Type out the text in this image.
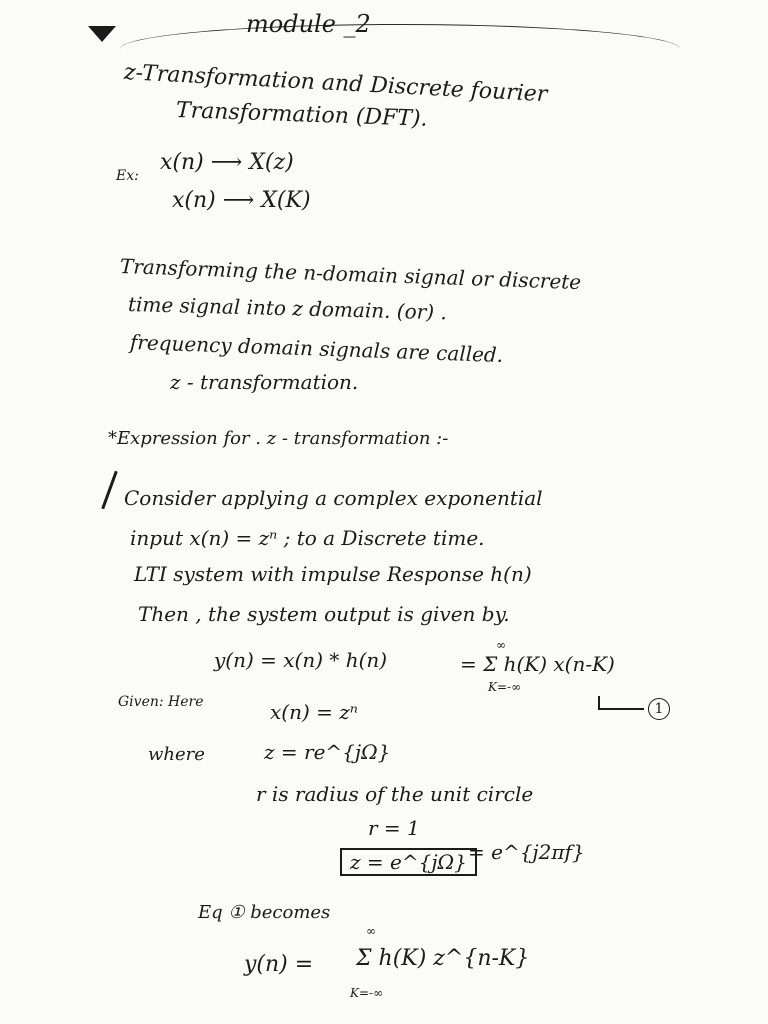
module _2
z-Transformation and Discrete fourier
Transformation (DFT).
Ex:
x(n) ⟶ X(z)
x(n) ⟶ X(K)
Transforming the n-domain signal or discrete
time signal into z domain. (or) .
frequency domain signals are called.
z - transformation.
*Expression for . z - transformation :-
Consider applying a complex exponential
input x(n) = zⁿ ; to a Discrete time.
LTI system with impulse Response h(n)
Then , the system output is given by.
y(n) = x(n) * h(n)
∞
= Σ h(K) x(n-K)
K=-∞
1
Given: Here	x(n) = zⁿ
where	z = re^{jΩ}
r is radius of the unit circle
r = 1
z = e^{jΩ} = e^{j2πf}
Eq ① becomes
y(n) =
∞
Σ h(K) z^{n-K}
K=-∞
